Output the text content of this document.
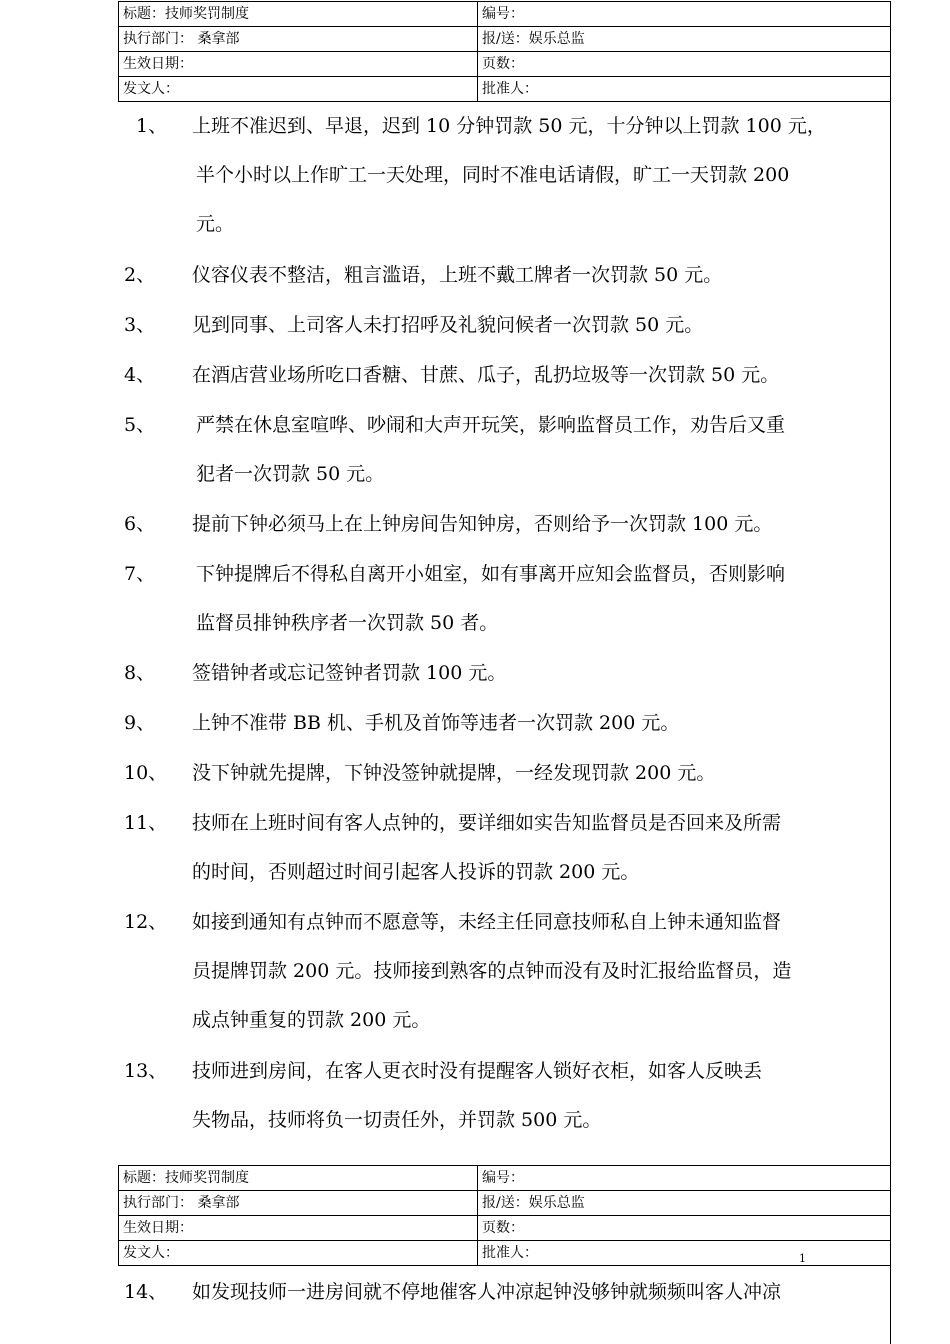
标题：技师奖罚制度	编号：
执行部门： 桑拿部	报/送：娱乐总监
生效日期：	页数：
发文人：	批准人：
1、 上班不准迟到、早退，迟到 10 分钟罚款 50 元，十分钟以上罚款 100 元，
半个小时以上作旷工一天处理，同时不准电话请假，旷工一天罚款 200
元。
2、 仪容仪表不整洁，粗言滥语，上班不戴工牌者一次罚款 50 元。
3、 见到同事、上司客人未打招呼及礼貌问候者一次罚款 50 元。
4、 在酒店营业场所吃口香糖、甘蔗、瓜子，乱扔垃圾等一次罚款 50 元。
5、 严禁在休息室喧哗、吵闹和大声开玩笑，影响监督员工作，劝告后又重
犯者一次罚款 50 元。
6、 提前下钟必须马上在上钟房间告知钟房，否则给予一次罚款 100 元。
7、 下钟提牌后不得私自离开小姐室，如有事离开应知会监督员，否则影响
监督员排钟秩序者一次罚款 50 者。
8、 签错钟者或忘记签钟者罚款 100 元。
9、 上钟不准带 BB 机、手机及首饰等违者一次罚款 200 元。
10、 没下钟就先提牌，下钟没签钟就提牌，一经发现罚款 200 元。
11、 技师在上班时间有客人点钟的，要详细如实告知监督员是否回来及所需
的时间，否则超过时间引起客人投诉的罚款 200 元。
12、 如接到通知有点钟而不愿意等，未经主任同意技师私自上钟未通知监督
员提牌罚款 200 元。技师接到熟客的点钟而没有及时汇报给监督员，造
成点钟重复的罚款 200 元。
13、 技师进到房间，在客人更衣时没有提醒客人锁好衣柜，如客人反映丢
失物品，技师将负一切责任外，并罚款 500 元。
标题：技师奖罚制度	编号：
执行部门： 桑拿部	报/送：娱乐总监
生效日期：	页数：
发文人：	批准人：	1
14、 如发现技师一进房间就不停地催客人冲凉起钟没够钟就频频叫客人冲凉
